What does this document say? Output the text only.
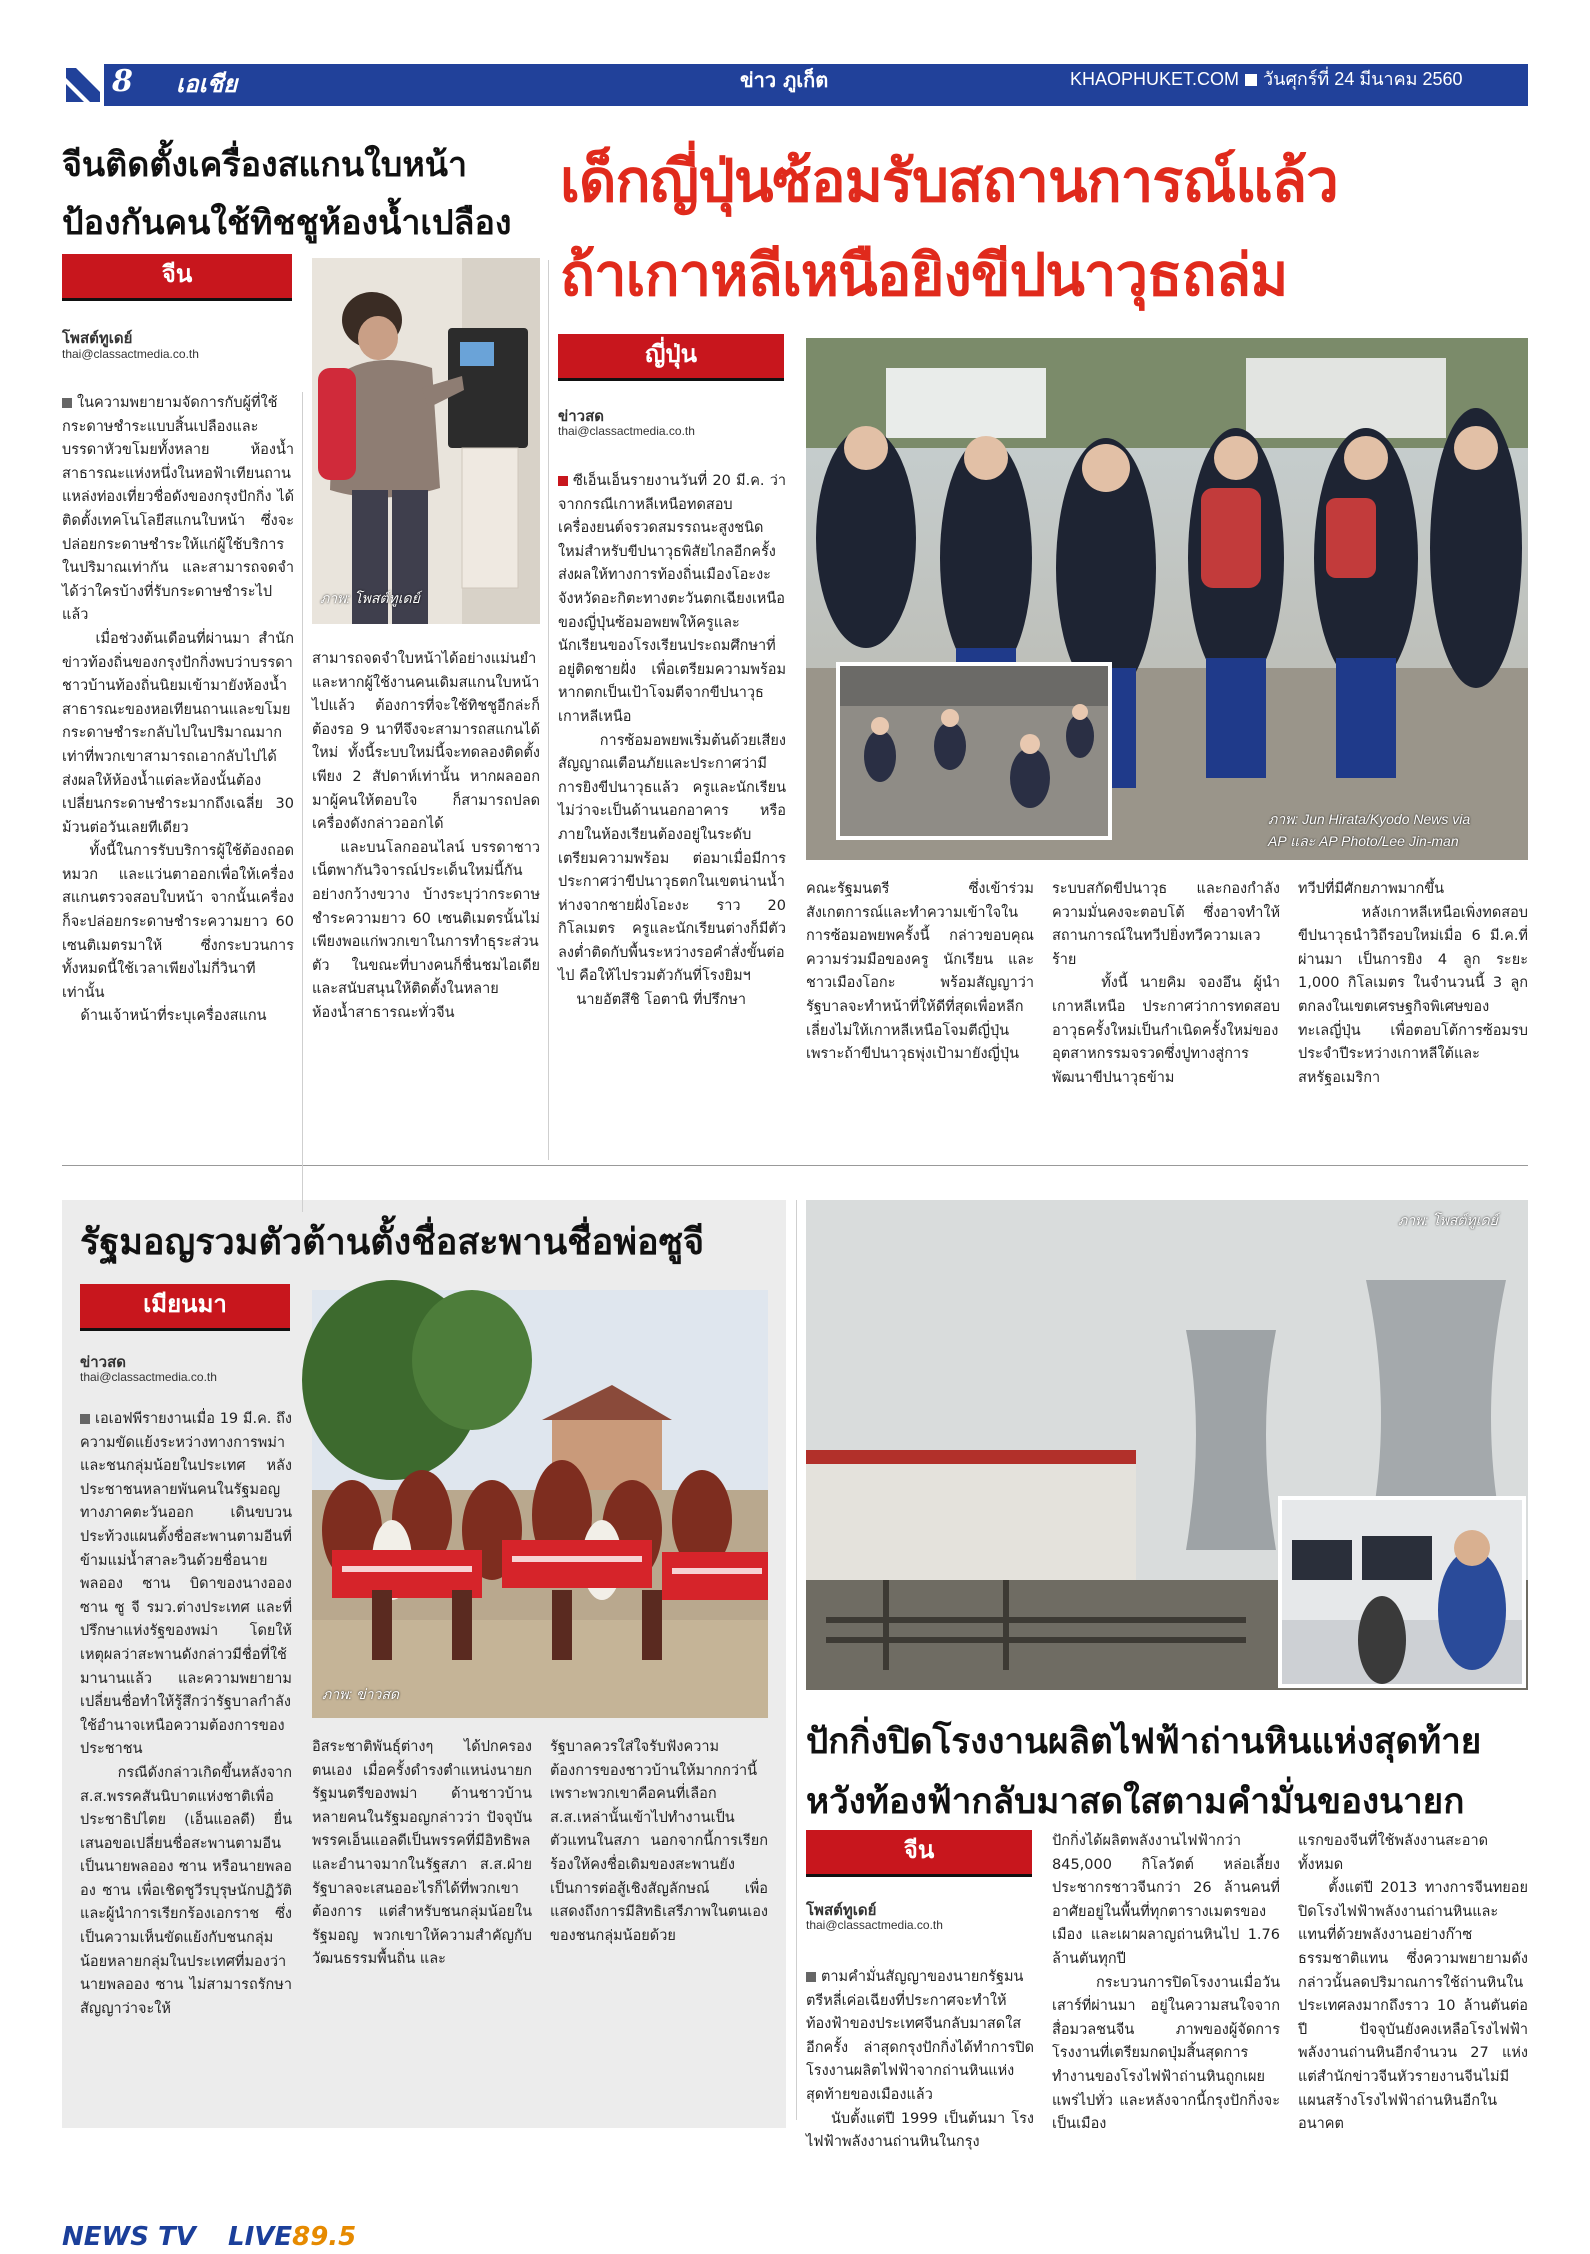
8 เอเชีย	ข่าว ภูเก็ต	KHAOPHUKET.COM วันศุกร์ที่ 24 มีนาคม 2560
จีนติดตั้งเครื่องสแกนใบหน้า
ป้องกันคนใช้ทิชชูห้องน้ำเปลือง
จีน
โพสต์ทูเดย์
thai@classactmedia.co.th
ภาพ: โพสต์ทูเดย์
ในความพยายามจัดการกับผู้ที่ใช้กระดาษชำระแบบสิ้นเปลืองและบรรดาหัวขโมยทั้งหลาย ห้องน้ำสาธารณะแห่งหนึ่งในหอฟ้าเทียนถาน แหล่งท่องเที่ยวชื่อดังของกรุงปักกิ่ง ได้ติดตั้งเทคโนโลยีสแกนใบหน้า ซึ่งจะปล่อยกระดาษชำระให้แก่ผู้ใช้บริการในปริมาณเท่ากัน และสามารถจดจำได้ว่าใครบ้างที่รับกระดาษชำระไปแล้ว
เมื่อช่วงต้นเดือนที่ผ่านมา สำนักข่าวท้องถิ่นของกรุงปักกิ่งพบว่าบรรดาชาวบ้านท้องถิ่นนิยมเข้ามายังห้องน้ำสาธารณะของหอเทียนถานและขโมยกระดาษชำระกลับไปในปริมาณมากเท่าที่พวกเขาสามารถเอากลับไปได้ ส่งผลให้ห้องน้ำแต่ละห้องนั้นต้องเปลี่ยนกระดาษชำระมากถึงเฉลี่ย 30 ม้วนต่อวันเลยทีเดียว
ทั้งนี้ในการรับบริการผู้ใช้ต้องถอดหมวก และแว่นตาออกเพื่อให้เครื่องสแกนตรวจสอบใบหน้า จากนั้นเครื่องก็จะปล่อยกระดาษชำระความยาว 60 เซนติเมตรมาให้ ซึ่งกระบวนการทั้งหมดนี้ใช้เวลาเพียงไม่กี่วินาทีเท่านั้น
ด้านเจ้าหน้าที่ระบุเครื่องสแกน
สามารถจดจำใบหน้าได้อย่างแม่นยำ และหากผู้ใช้งานคนเดิมสแกนใบหน้าไปแล้ว ต้องการที่จะใช้ทิชชูอีกล่ะก็ ต้องรอ 9 นาทีจึงจะสามารถสแกนได้ใหม่ ทั้งนี้ระบบใหม่นี้จะทดลองติดตั้งเพียง 2 สัปดาห์เท่านั้น หากผลออกมาผู้คนให้ตอบใจ ก็สามารถปลดเครื่องดังกล่าวออกได้
และบนโลกออนไลน์ บรรดาชาวเน็ตพากันวิจารณ์ประเด็นใหม่นี้กันอย่างกว้างขวาง บ้างระบุว่ากระดาษชำระความยาว 60 เซนติเมตรนั้นไม่เพียงพอแก่พวกเขาในการทำธุระส่วนตัว ในขณะที่บางคนก็ชื่นชมไอเดีย และสนับสนุนให้ติดตั้งในหลายห้องน้ำสาธารณะทั่วจีน
เด็กญี่ปุ่นซ้อมรับสถานการณ์แล้ว
ถ้าเกาหลีเหนือยิงขีปนาวุธถล่ม
ญี่ปุ่น
ข่าวสด
thai@classactmedia.co.th
ภาพ: Jun Hirata/Kyodo News via
AP และ AP Photo/Lee Jin-man
ซีเอ็นเอ็นรายงานวันที่ 20 มี.ค. ว่าจากกรณีเกาหลีเหนือทดสอบเครื่องยนต์จรวดสมรรถนะสูงชนิดใหม่สำหรับขีปนาวุธพิสัยไกลอีกครั้ง ส่งผลให้ทางการท้องถิ่นเมืองโอะงะ จังหวัดอะกิตะทางตะวันตกเฉียงเหนือของญี่ปุ่นซ้อมอพยพให้ครูและนักเรียนของโรงเรียนประถมศึกษาที่อยู่ติดชายฝั่ง เพื่อเตรียมความพร้อมหากตกเป็นเป้าโจมตีจากขีปนาวุธเกาหลีเหนือ
การซ้อมอพยพเริ่มต้นด้วยเสียงสัญญาณเตือนภัยและประกาศว่ามีการยิงขีปนาวุธแล้ว ครูและนักเรียนไม่ว่าจะเป็นด้านนอกอาคาร หรือภายในห้องเรียนต้องอยู่ในระดับเตรียมความพร้อม ต่อมาเมื่อมีการประกาศว่าขีปนาวุธตกในเขตน่านน้ำห่างจากชายฝั่งโอะงะ ราว 20 กิโลเมตร ครูและนักเรียนต่างก็มีตัวลงต่ำติดกับพื้นระหว่างรอคำสั่งขั้นต่อไป คือให้ไปรวมตัวกันที่โรงยิมฯ
นายอัตสึชิ โอตานิ ที่ปรึกษา
คณะรัฐมนตรี ซึ่งเข้าร่วมสังเกตการณ์และทำความเข้าใจในการซ้อมอพยพครั้งนี้ กล่าวขอบคุณความร่วมมือของครู นักเรียน และชาวเมืองโอกะ พร้อมสัญญาว่ารัฐบาลจะทำหน้าที่ให้ดีที่สุดเพื่อหลีกเลี่ยงไม่ให้เกาหลีเหนือโจมตีญี่ปุ่นเพราะถ้าขีปนาวุธพุ่งเป้ามายังญี่ปุ่น
ระบบสกัดขีปนาวุธ และกองกำลังความมั่นคงจะตอบโต้ ซึ่งอาจทำให้สถานการณ์ในทวีปยิ่งทวีความเลวร้าย
ทั้งนี้ นายคิม จองอึน ผู้นำเกาหลีเหนือ ประกาศว่าการทดสอบอาวุธครั้งใหม่เป็นกำเนิดครั้งใหม่ของอุตสาหกรรมจรวดซึ่งปูทางสู่การพัฒนาขีปนาวุธข้าม
ทวีปที่มีศักยภาพมากขึ้น
หลังเกาหลีเหนือเพิ่งทดสอบขีปนาวุธนำวิถีรอบใหม่เมื่อ 6 มี.ค.ที่ผ่านมา เป็นการยิง 4 ลูก ระยะ 1,000 กิโลเมตร ในจำนวนนี้ 3 ลูก ตกลงในเขตเศรษฐกิจพิเศษของทะเลญี่ปุ่น เพื่อตอบโต้การซ้อมรบประจำปีระหว่างเกาหลีใต้และสหรัฐอเมริกา
รัฐมอญรวมตัวต้านตั้งชื่อสะพานชื่อพ่อซูจี
เมียนมา
ข่าวสด
thai@classactmedia.co.th
ภาพ: ข่าวสด
เอเอฟพีรายงานเมื่อ 19 มี.ค. ถึงความขัดแย้งระหว่างทางการพม่า และชนกลุ่มน้อยในประเทศ หลังประชาชนหลายพันคนในรัฐมอญ ทางภาคตะวันออก เดินขบวนประท้วงแผนตั้งชื่อสะพานตามอีนที่ข้ามแม่น้ำสาละวินด้วยชื่อนายพลออง ซาน บิดาของนางออง ซาน ซู จี รมว.ต่างประเทศ และที่ปรึกษาแห่งรัฐของพม่า โดยให้เหตุผลว่าสะพานดังกล่าวมีชื่อที่ใช้มานานแล้ว และความพยายามเปลี่ยนชื่อทำให้รู้สึกว่ารัฐบาลกำลังใช้อำนาจเหนือความต้องการของประชาชน
กรณีดังกล่าวเกิดขึ้นหลังจาก ส.ส.พรรคสันนิบาตแห่งชาติเพื่อประชาธิปไตย (เอ็นแอลดี) ยื่นเสนอขอเปลี่ยนชื่อสะพานตามอีนเป็นนายพลออง ซาน หรือนายพลออง ซาน เพื่อเชิดชูวีรบุรุษนักปฏิวัติและผู้นำการเรียกร้องเอกราช ซึ่งเป็นความเห็นขัดแย้งกับชนกลุ่มน้อยหลายกลุ่มในประเทศที่มองว่านายพลออง ซาน ไม่สามารถรักษาสัญญาว่าจะให้
อิสระชาติพันธุ์ต่างๆ ได้ปกครองตนเอง เมื่อครั้งดำรงตำแหน่งนายกรัฐมนตรีของพม่า ด้านชาวบ้านหลายคนในรัฐมอญกล่าวว่า ปัจจุบันพรรคเอ็นแอลดีเป็นพรรคที่มีอิทธิพลและอำนาจมากในรัฐสภา ส.ส.ฝ่ายรัฐบาลจะเสนออะไรก็ได้ที่พวกเขาต้องการ แต่สำหรับชนกลุ่มน้อยในรัฐมอญ พวกเขาให้ความสำคัญกับวัฒนธรรมพื้นถิ่น และ
รัฐบาลควรใส่ใจรับฟังความต้องการของชาวบ้านให้มากกว่านี้ เพราะพวกเขาคือคนที่เลือก ส.ส.เหล่านั้นเข้าไปทำงานเป็นตัวแทนในสภา นอกจากนี้การเรียกร้องให้คงชื่อเดิมของสะพานยังเป็นการต่อสู้เชิงสัญลักษณ์ เพื่อแสดงถึงการมีสิทธิเสรีภาพในตนเองของชนกลุ่มน้อยด้วย
ภาพ: โพสต์ทูเดย์
ปักกิ่งปิดโรงงานผลิตไฟฟ้าถ่านหินแห่งสุดท้าย
หวังท้องฟ้ากลับมาสดใสตามคำมั่นของนายก
จีน
โพสต์ทูเดย์
thai@classactmedia.co.th
ตามคำมั่นสัญญาของนายกรัฐมนตรีหลี่เค่อเฉียงที่ประกาศจะทำให้ท้องฟ้าของประเทศจีนกลับมาสดใสอีกครั้ง ล่าสุดกรุงปักกิ่งได้ทำการปิดโรงงานผลิตไฟฟ้าจากถ่านหินแห่งสุดท้ายของเมืองแล้ว
นับตั้งแต่ปี 1999 เป็นต้นมา โรงไฟฟ้าพลังงานถ่านหินในกรุง
ปักกิ่งได้ผลิตพลังงานไฟฟ้ากว่า 845,000 กิโลวัตต์ หล่อเลี้ยงประชากรชาวจีนกว่า 26 ล้านคนที่อาศัยอยู่ในพื้นที่ทุกตารางเมตรของเมือง และเผาผลาญถ่านหินไป 1.76 ล้านตันทุกปี
กระบวนการปิดโรงงานเมื่อวันเสาร์ที่ผ่านมา อยู่ในความสนใจจากสื่อมวลชนจีน ภาพของผู้จัดการโรงงานที่เตรียมกดปุ่มสิ้นสุดการทำงานของโรงไฟฟ้าถ่านหินถูกเผยแพร่ไปทั่ว และหลังจากนี้กรุงปักกิ่งจะเป็นเมือง
แรกของจีนที่ใช้พลังงานสะอาดทั้งหมด
ตั้งแต่ปี 2013 ทางการจีนทยอยปิดโรงไฟฟ้าพลังงานถ่านหินและแทนที่ด้วยพลังงานอย่างก๊าซธรรมชาติแทน ซึ่งความพยายามดังกล่าวนั้นลดปริมาณการใช้ถ่านหินในประเทศลงมากถึงราว 10 ล้านตันต่อปี ปัจจุบันยังคงเหลือโรงไฟฟ้าพลังงานถ่านหินอีกจำนวน 27 แห่ง แต่สำนักข่าวจีนหัวรายงานจีนไม่มีแผนสร้างโรงไฟฟ้าถ่านหินอีกในอนาคต
NEWS TV LIVE89.5
